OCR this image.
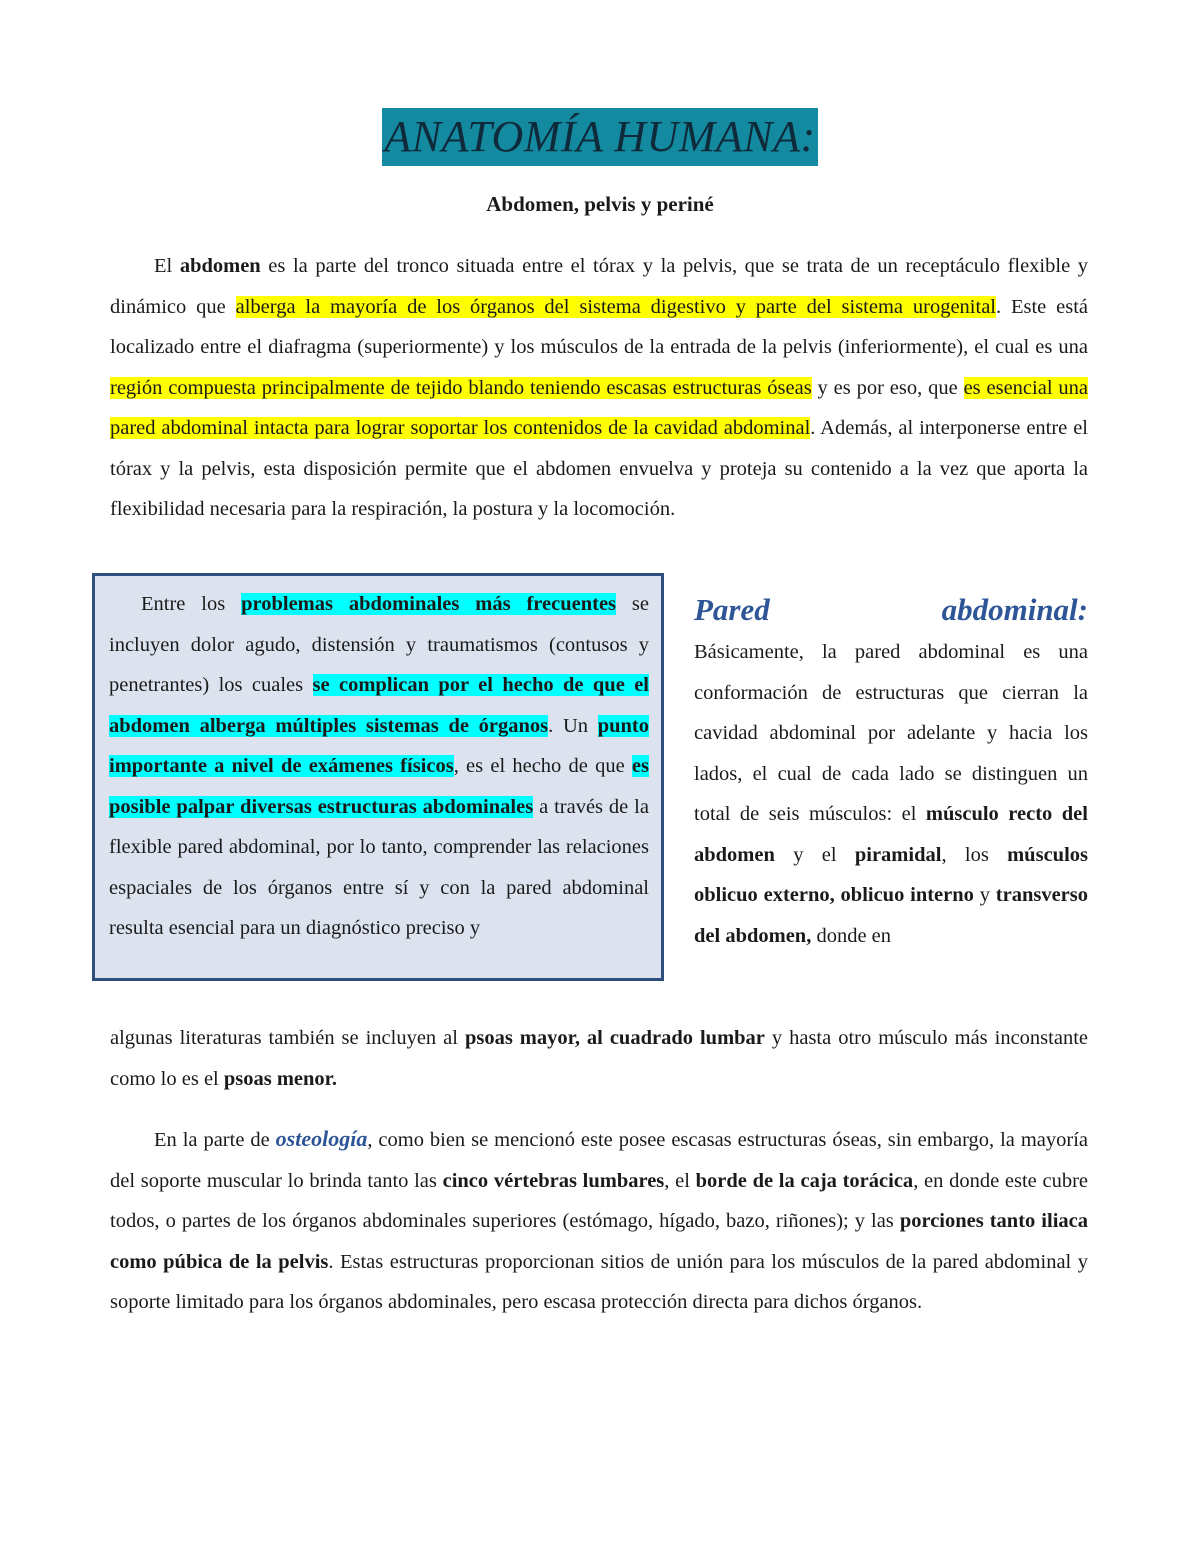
ANATOMÍA HUMANA:
Abdomen, pelvis y periné

El abdomen es la parte del tronco situada entre el tórax y la pelvis, que se trata de un receptáculo flexible y dinámico que alberga la mayoría de los órganos del sistema digestivo y parte del sistema urogenital. Este está localizado entre el diafragma (superiormente) y los músculos de la entrada de la pelvis (inferiormente), el cual es una región compuesta principalmente de tejido blando teniendo escasas estructuras óseas y es por eso, que es esencial una pared abdominal intacta para lograr soportar los contenidos de la cavidad abdominal. Además, al interponerse entre el tórax y la pelvis, esta disposición permite que el abdomen envuelva y proteja su contenido a la vez que aporta la flexibilidad necesaria para la respiración, la postura y la locomoción.

Entre los problemas abdominales más frecuentes se incluyen dolor agudo, distensión y traumatismos (contusos y penetrantes) los cuales se complican por el hecho de que el abdomen alberga múltiples sistemas de órganos. Un punto importante a nivel de exámenes físicos, es el hecho de que es posible palpar diversas estructuras abdominales a través de la flexible pared abdominal, por lo tanto, comprender las relaciones espaciales de los órganos entre sí y con la pared abdominal resulta esencial para un diagnóstico preciso y

Pared	abdominal:

Básicamente, la pared abdominal es una conformación de estructuras que cierran la cavidad abdominal por adelante y hacia los lados, el cual de cada lado se distinguen un total de seis músculos: el músculo recto del abdomen y el piramidal, los músculos oblicuo externo, oblicuo interno y transverso del abdomen, donde en

algunas literaturas también se incluyen al psoas mayor, al cuadrado lumbar y hasta otro músculo más inconstante como lo es el psoas menor.

En la parte de osteología, como bien se mencionó este posee escasas estructuras óseas, sin embargo, la mayoría del soporte muscular lo brinda tanto las cinco vértebras lumbares, el borde de la caja torácica, en donde este cubre todos, o partes de los órganos abdominales superiores (estómago, hígado, bazo, riñones); y las porciones tanto iliaca como púbica de la pelvis. Estas estructuras proporcionan sitios de unión para los músculos de la pared abdominal y soporte limitado para los órganos abdominales, pero escasa protección directa para dichos órganos.
